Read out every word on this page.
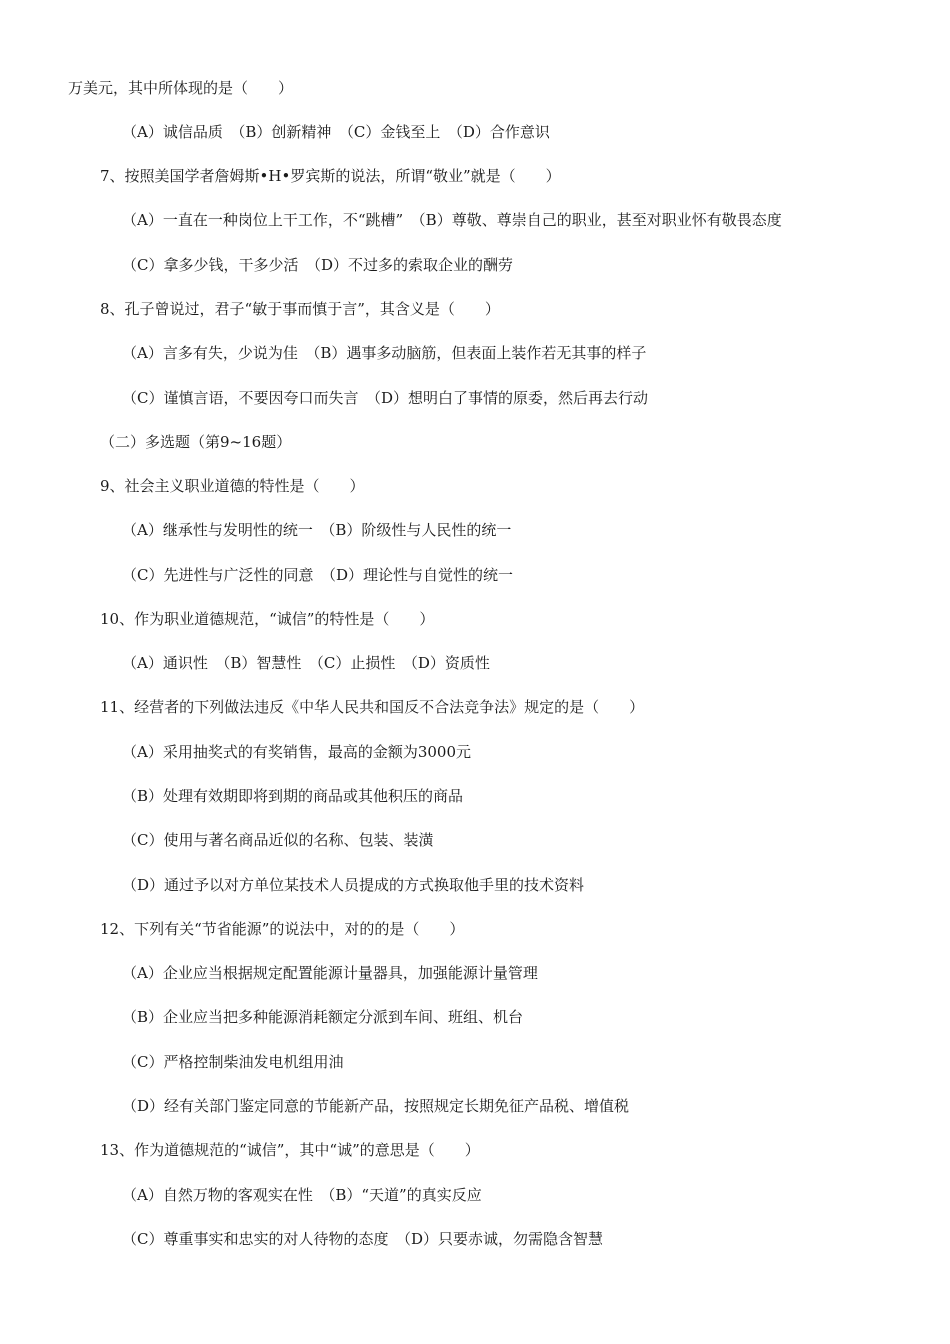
万美元，其中所体现的是（　　）
（A）诚信品质　（B）创新精神　（C）金钱至上　（D）合作意识
7、按照美国学者詹姆斯•H•罗宾斯的说法，所谓“敬业”就是（　　）
（A）一直在一种岗位上干工作，不“跳槽”　（B）尊敬、尊崇自己的职业，甚至对职业怀有敬畏态度
（C）拿多少钱，干多少活　（D）不过多的索取企业的酬劳
8、孔子曾说过，君子“敏于事而慎于言”，其含义是（　　）
（A）言多有失，少说为佳　（B）遇事多动脑筋，但表面上装作若无其事的样子
（C）谨慎言语，不要因夸口而失言　（D）想明白了事情的原委，然后再去行动
（二）多选题（第9~16题）
9、社会主义职业道德的特性是（　　）
（A）继承性与发明性的统一　（B）阶级性与人民性的统一
（C）先进性与广泛性的同意　（D）理论性与自觉性的统一
10、作为职业道德规范，“诚信”的特性是（　　）
（A）通识性　（B）智慧性　（C）止损性　（D）资质性
11、经营者的下列做法违反《中华人民共和国反不合法竞争法》规定的是（　　）
（A）采用抽奖式的有奖销售，最高的金额为3000元
（B）处理有效期即将到期的商品或其他积压的商品
（C）使用与著名商品近似的名称、包装、装潢
（D）通过予以对方单位某技术人员提成的方式换取他手里的技术资料
12、下列有关“节省能源”的说法中，对的的是（　　）
（A）企业应当根据规定配置能源计量器具，加强能源计量管理
（B）企业应当把多种能源消耗额定分派到车间、班组、机台
（C）严格控制柴油发电机组用油
（D）经有关部门鉴定同意的节能新产品，按照规定长期免征产品税、增值税
13、作为道德规范的“诚信”，其中“诚”的意思是（　　）
（A）自然万物的客观实在性　（B）“天道”的真实反应
（C）尊重事实和忠实的对人待物的态度　（D）只要赤诚，勿需隐含智慧
